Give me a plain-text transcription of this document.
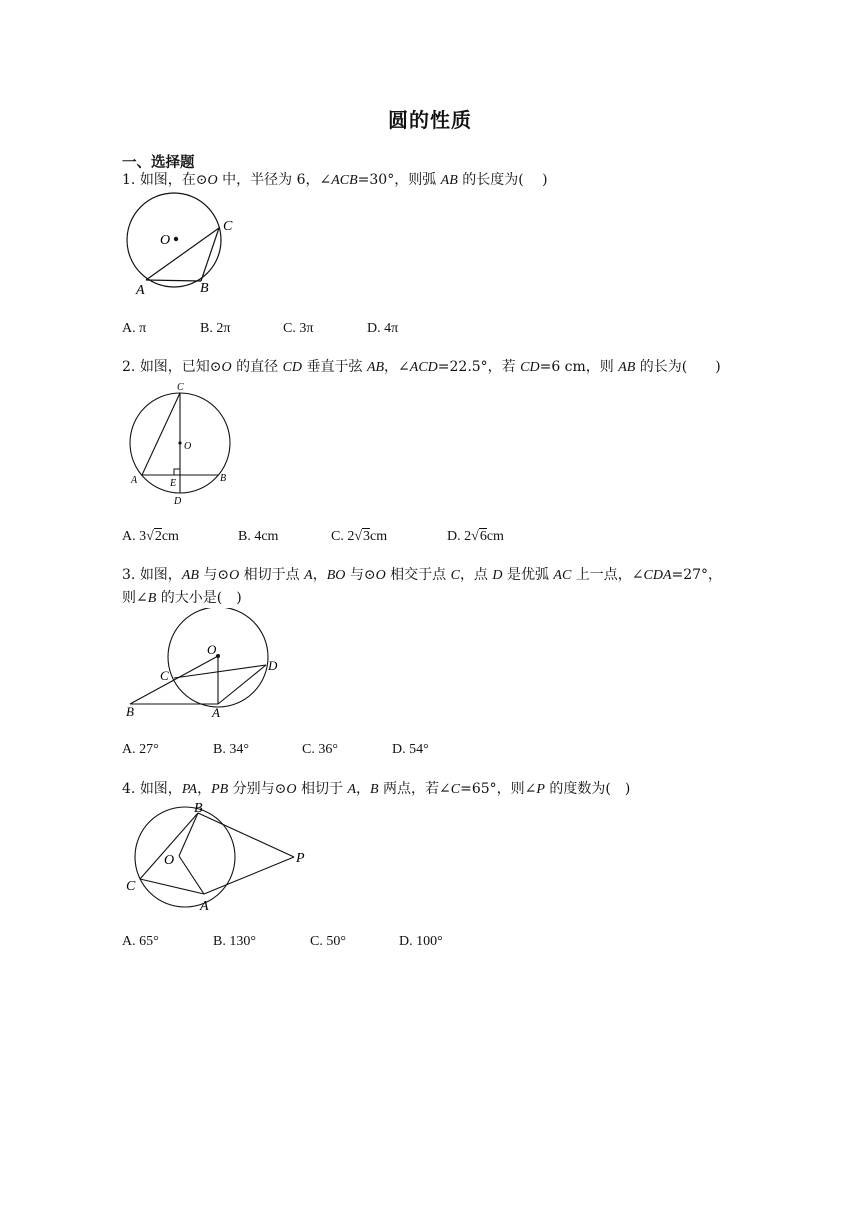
圆的性质
一、选择题
1. 如图，在⊙O 中，半径为 6，∠ACB=30°，则弧 AB 的长度为(　 )
O
C
A	B
A. π	B. 2π	C. 3π	D. 4π
2. 如图，已知⊙O 的直径 CD 垂直于弦 AB，∠ACD=22.5°，若 CD=6 cm，则 AB 的长为(　　)
C
O
A	E	B
D
A. 3√2cm	B. 4cm	C. 2√3cm	D. 2√6cm
3. 如图，AB 与⊙O 相切于点 A，BO 与⊙O 相交于点 C，点 D 是优弧 AC 上一点，∠CDA=27°，
则∠B 的大小是(　)
O
D
C
B	A
A. 27°	B. 34°	C. 36°	D. 54°
4. 如图，PA，PB 分别与⊙O 相切于 A，B 两点，若∠C=65°，则∠P 的度数为(　)
B
O	P
C
A
A. 65°	B. 130°	C. 50°	D. 100°
